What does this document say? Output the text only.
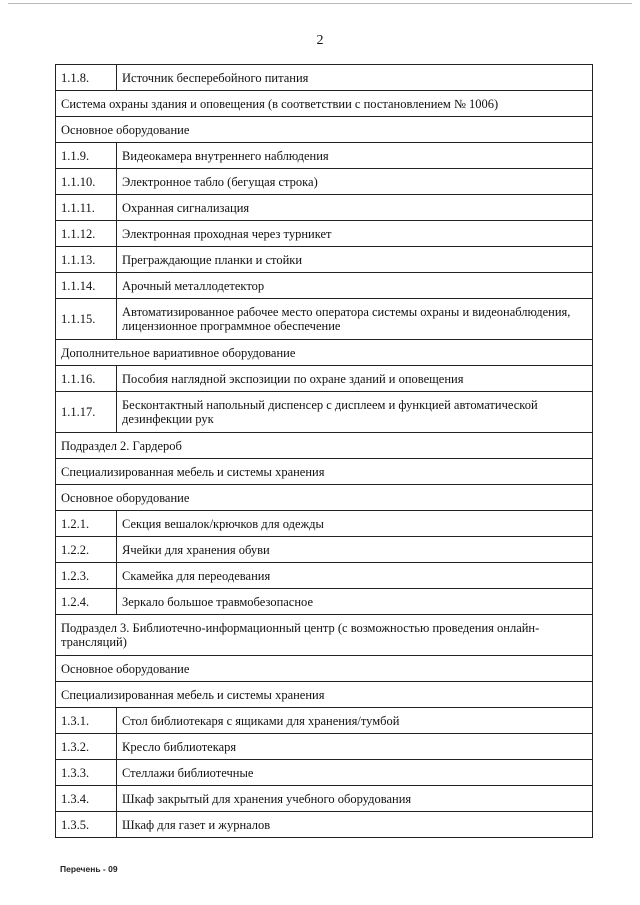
2
1.1.8.	Источник бесперебойного питания
Система охраны здания и оповещения (в соответствии с постановлением № 1006)	
Основное оборудование	
1.1.9.	Видеокамера внутреннего наблюдения
1.1.10.	Электронное табло (бегущая строка)
1.1.11.	Охранная сигнализация
1.1.12.	Электронная проходная через турникет
1.1.13.	Преграждающие планки и стойки
1.1.14.	Арочный металлодетектор
1.1.15.	Автоматизированное рабочее место оператора системы охраны и видеонаблюдения, лицензионное программное обеспечение
Дополнительное вариативное оборудование	
1.1.16.	Пособия наглядной экспозиции по охране зданий и оповещения
1.1.17.	Бесконтактный напольный диспенсер с дисплеем и функцией автоматической дезинфекции рук
Подраздел 2. Гардероб	
Специализированная мебель и системы хранения	
Основное оборудование	
1.2.1.	Секция вешалок/крючков для одежды
1.2.2.	Ячейки для хранения обуви
1.2.3.	Скамейка для переодевания
1.2.4.	Зеркало большое травмобезопасное
Подраздел 3. Библиотечно-информационный центр (с возможностью проведения онлайн-трансляций)	
Основное оборудование	
Специализированная мебель и системы хранения	
1.3.1.	Стол библиотекаря с ящиками для хранения/тумбой
1.3.2.	Кресло библиотекаря
1.3.3.	Стеллажи библиотечные
1.3.4.	Шкаф закрытый для хранения учебного оборудования
1.3.5.	Шкаф для газет и журналов
Перечень - 09
